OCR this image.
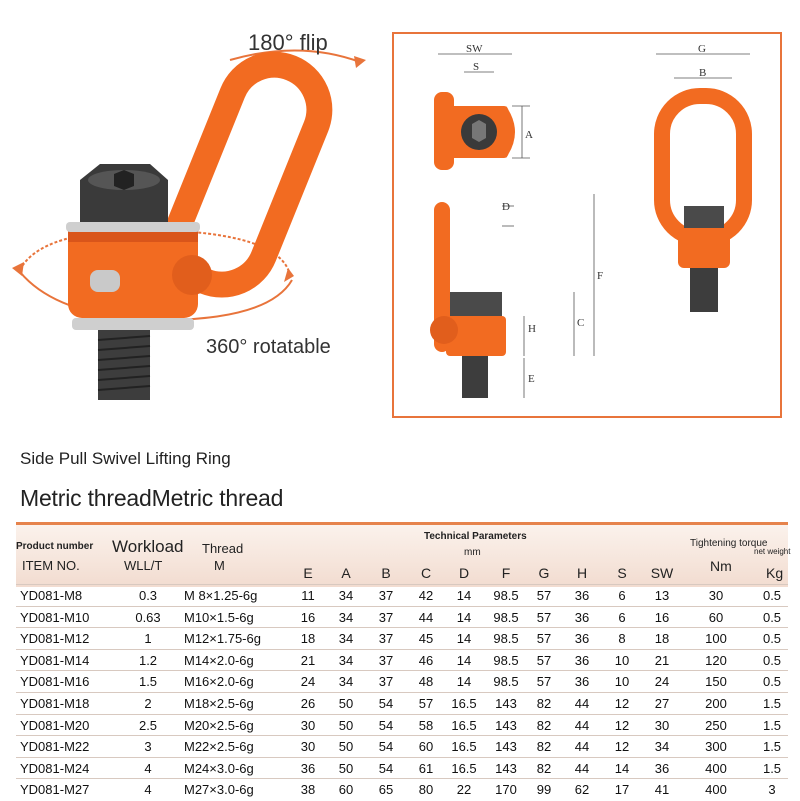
180° flip
360° rotatable
SW
S
A
D
F
C
H
E
G
B
Side Pull Swivel Lifting Ring
Metric threadMetric thread
Product number
ITEM NO.
Workload
WLL/T
Thread
M
Technical Parameters
mm
Tightening torque
net weight
Nm Kg
E A B C D F G H S SW
YD081-M8	0.3 M 8×1.25-6g	11 34 37 42 14 98.5 57 36 6 13	30	0.5
YD081-M10	0.63 M10×1.5-6g	16 34 37 44 14 98.5 57 36 6 16	60	0.5
YD081-M12	1 M12×1.75-6g	18 34 37 45 14 98.5 57 36 8 18	100	0.5
YD081-M14	1.2 M14×2.0-6g	21 34 37 46 14 98.5 57 36 10 21	120	0.5
YD081-M16	1.5 M16×2.0-6g	24 34 37 48 14 98.5 57 36 10 24	150	0.5
YD081-M18	2 M18×2.5-6g	26 50 54 57 16.5 143 82 44 12 27	200	1.5
YD081-M20	2.5 M20×2.5-6g	30 50 54 58 16.5 143 82 44 12 30	250	1.5
YD081-M22	3 M22×2.5-6g	30 50 54 60 16.5 143 82 44 12 34	300	1.5
YD081-M24	4 M24×3.0-6g	36 50 54 61 16.5 143 82 44 14 36	400	1.5
YD081-M27	4 M27×3.0-6g	38 60 65 80 22 170 99 62 17 41	400	3
